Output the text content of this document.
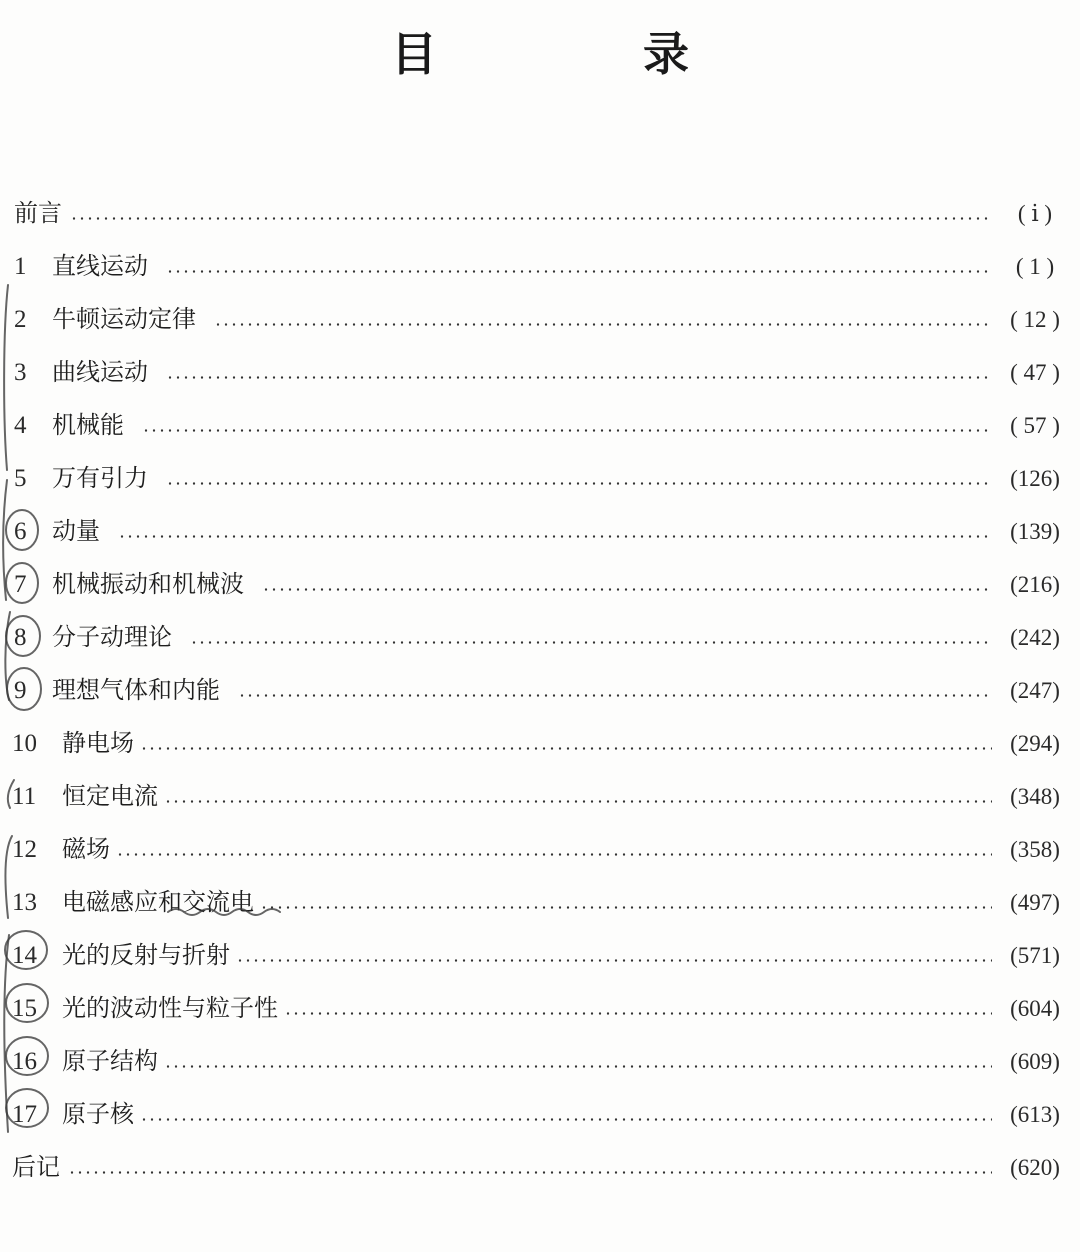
目　录
前言	( ⅰ )
1	直线运动	( 1 )
2	牛顿运动定律	( 12 )
3	曲线运动	( 47 )
4	机械能	( 57 )
5	万有引力	(126)
6	动量	(139)
7	机械振动和机械波	(216)
8	分子动理论	(242)
9	理想气体和内能	(247)
10	静电场	(294)
11	恒定电流	(348)
12	磁场	(358)
13	电磁感应和交流电	(497)
14	光的反射与折射	(571)
15	光的波动性与粒子性	(604)
16	原子结构	(609)
17	原子核	(613)
后记	(620)
